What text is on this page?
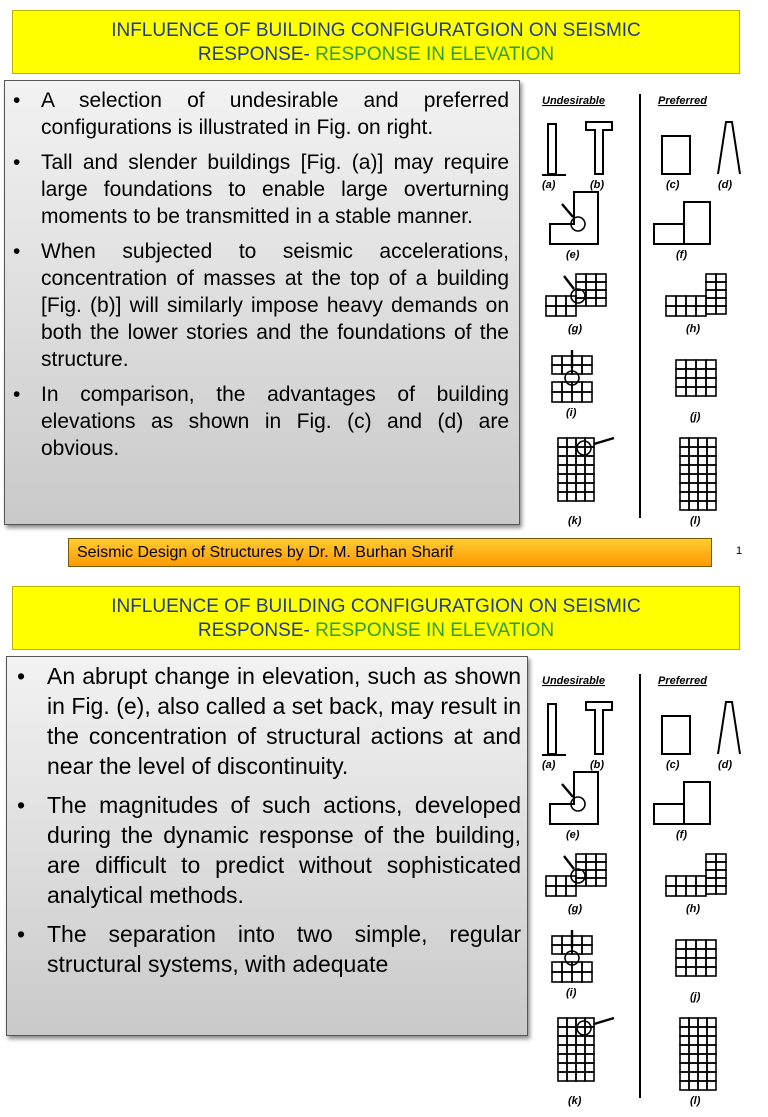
INFLUENCE OF BUILDING CONFIGURATGION ON SEISMIC
RESPONSE- RESPONSE IN ELEVATION
• A selection of undesirable and preferred configurations is illustrated in Fig. on right.
• Tall and slender buildings [Fig. (a)] may require large foundations to enable large overturning moments to be transmitted in a stable manner.
• When subjected to seismic accelerations, concentration of masses at the top of a building [Fig. (b)] will similarly impose heavy demands on both the lower stories and the foundations of the structure.
• In comparison, the advantages of building elevations as shown in Fig. (c) and (d) are obvious.
Undesirable	Preferred
(a)	(b)	(c)	(d)
(e)	(f)
(g)	(h)
(i)	(j)
(k)	(l)
Seismic Design of Structures by Dr. M. Burhan Sharif	1
INFLUENCE OF BUILDING CONFIGURATGION ON SEISMIC
RESPONSE- RESPONSE IN ELEVATION
• An abrupt change in elevation, such as shown in Fig. (e), also called a set back, may result in the concentration of structural actions at and near the level of discontinuity.
• The magnitudes of such actions, developed during the dynamic response of the building, are difficult to predict without sophisticated analytical methods.
• The separation into two simple, regular structural systems, with adequate
Undesirable	Preferred
(a)	(b)	(c)	(d)
(e)	(f)
(g)	(h)
(i)	(j)
(k)	(l)
